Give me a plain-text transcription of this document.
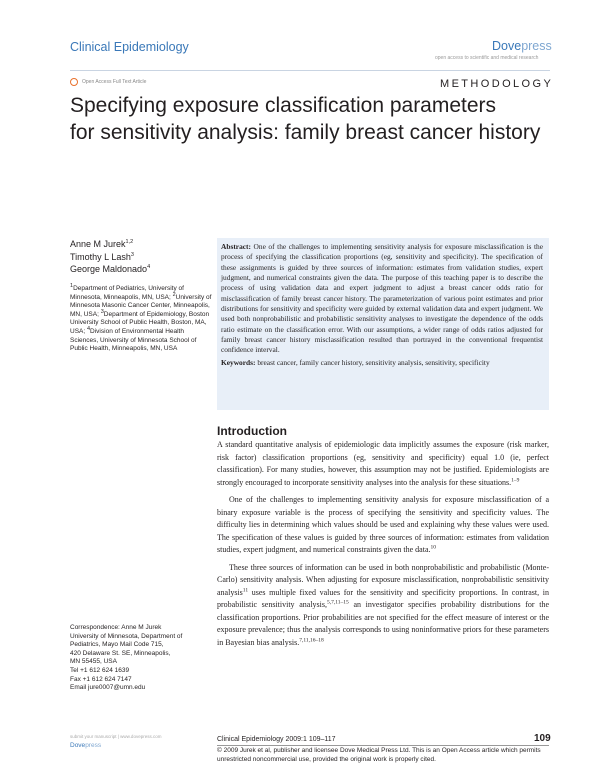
Clinical Epidemiology	Dovepress
open access to scientific and medical research
Open Access Full Text Article	METHODOLOGY
Specifying exposure classification parameters
for sensitivity analysis: family breast cancer history
Anne M Jurek$^{1,2}$
Timothy L Lash$^3$
George Maldonado$^4$
$^1$Department of Pediatrics, University of Minnesota, Minneapolis, MN, USA; $^2$University of Minnesota Masonic Cancer Center, Minneapolis, MN, USA; $^3$Department of Epidemiology, Boston University School of Public Health, Boston, MA, USA; $^4$Division of Environmental Health Sciences, University of Minnesota School of Public Health, Minneapolis, MN, USA
Correspondence: Anne M Jurek
University of Minnesota, Department of Pediatrics, Mayo Mail Code 715,
420 Delaware St. SE, Minneapolis,
MN 55455, USA
Tel +1 612 624 1639
Fax +1 612 624 7147
Email jure0007@umn.edu

Abstract: One of the challenges to implementing sensitivity analysis for exposure misclassification is the process of specifying the classification proportions (eg, sensitivity and specificity). The specification of these assignments is guided by three sources of information: estimates from validation studies, expert judgment, and numerical constraints given the data. The purpose of this teaching paper is to describe the process of using validation data and expert judgment to adjust a breast cancer odds ratio for misclassification of family breast cancer history. The parameterization of various point estimates and prior distributions for sensitivity and specificity were guided by external validation data and expert judgment. We used both nonprobabilistic and probabilistic sensitivity analyses to investigate the dependence of the odds ratio estimate on the classification error. With our assumptions, a wider range of odds ratios adjusted for family breast cancer history misclassification resulted than portrayed in the conventional frequentist confidence interval.

Keywords: breast cancer, family cancer history, sensitivity analysis, sensitivity, specificity

Introduction

A standard quantitative analysis of epidemiologic data implicitly assumes the exposure (risk marker, risk factor) classification proportions (eg, sensitivity and specificity) equal 1.0 (ie, perfect classification). For many studies, however, this assumption may not be justified. Epidemiologists are strongly encouraged to incorporate sensitivity analyses into the analysis for these situations.$^{1-9}$

One of the challenges to implementing sensitivity analysis for exposure misclassification of a binary exposure variable is the process of specifying the sensitivity and specificity values. The difficulty lies in determining which values should be used and explaining why these values were used. The specification of these values is guided by three sources of information: estimates from validation studies, expert judgment, and numerical constraints given the data.$^{10}$

These three sources of information can be used in both nonprobabilistic and probabilistic (Monte-Carlo) sensitivity analysis. When adjusting for exposure misclassification, nonprobabilistic sensitivity analysis$^{11}$ uses multiple fixed values for the sensitivity and specificity proportions. In contrast, in probabilistic sensitivity analysis,$^{5,7,11-15}$ an investigator specifies probability distributions for the classification proportions. Prior probabilities are not specified for the effect measure of interest or the exposure prevalence; thus the analysis corresponds to using noninformative priors for these parameters in Bayesian bias analysis.$^{7,11,16-18}$

submit your manuscript | www.dovepress.com
Dovepress
Clinical Epidemiology 2009:1 109–117	109
© 2009 Jurek et al, publisher and licensee Dove Medical Press Ltd. This is an Open Access article which permits unrestricted noncommercial use, provided the original work is properly cited.
